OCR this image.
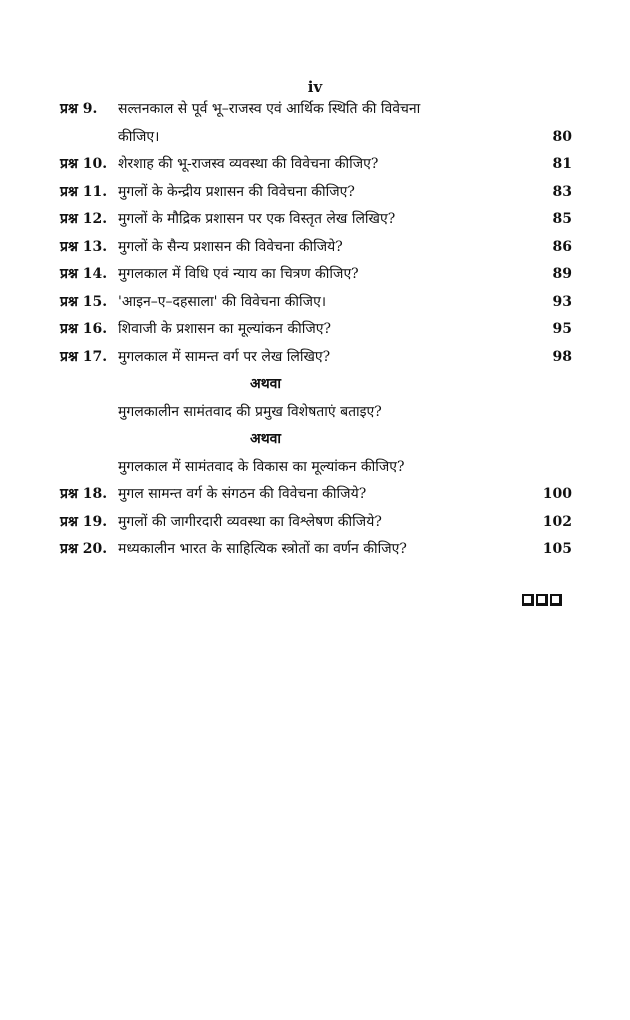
iv
प्रश्न 9. सल्तनकाल से पूर्व भू–राजस्व एवं आर्थिक स्थिति की विवेचना
कीजिए।	80
प्रश्न 10. शेरशाह की भू-राजस्व व्यवस्था की विवेचना कीजिए?	81
प्रश्न 11. मुगलों के केन्द्रीय प्रशासन की विवेचना कीजिए?	83
प्रश्न 12. मुगलों के मौद्रिक प्रशासन पर एक विस्तृत लेख लिखिए?	85
प्रश्न 13. मुगलों के सैन्य प्रशासन की विवेचना कीजिये?	86
प्रश्न 14. मुगलकाल में विधि एवं न्याय का चित्रण कीजिए?	89
प्रश्न 15. 'आइन–ए–दहसाला' की विवेचना कीजिए।	93
प्रश्न 16. शिवाजी के प्रशासन का मूल्यांकन कीजिए?	95
प्रश्न 17. मुगलकाल में सामन्त वर्ग पर लेख लिखिए?	98
अथवा
मुगलकालीन सामंतवाद की प्रमुख विशेषताएं बताइए?
अथवा
मुगलकाल में सामंतवाद के विकास का मूल्यांकन कीजिए?
प्रश्न 18. मुगल सामन्त वर्ग के संगठन की विवेचना कीजिये?	100
प्रश्न 19. मुगलों की जागीरदारी व्यवस्था का विश्लेषण कीजिये?	102
प्रश्न 20. मध्यकालीन भारत के साहित्यिक स्त्रोतों का वर्णन कीजिए?	105
